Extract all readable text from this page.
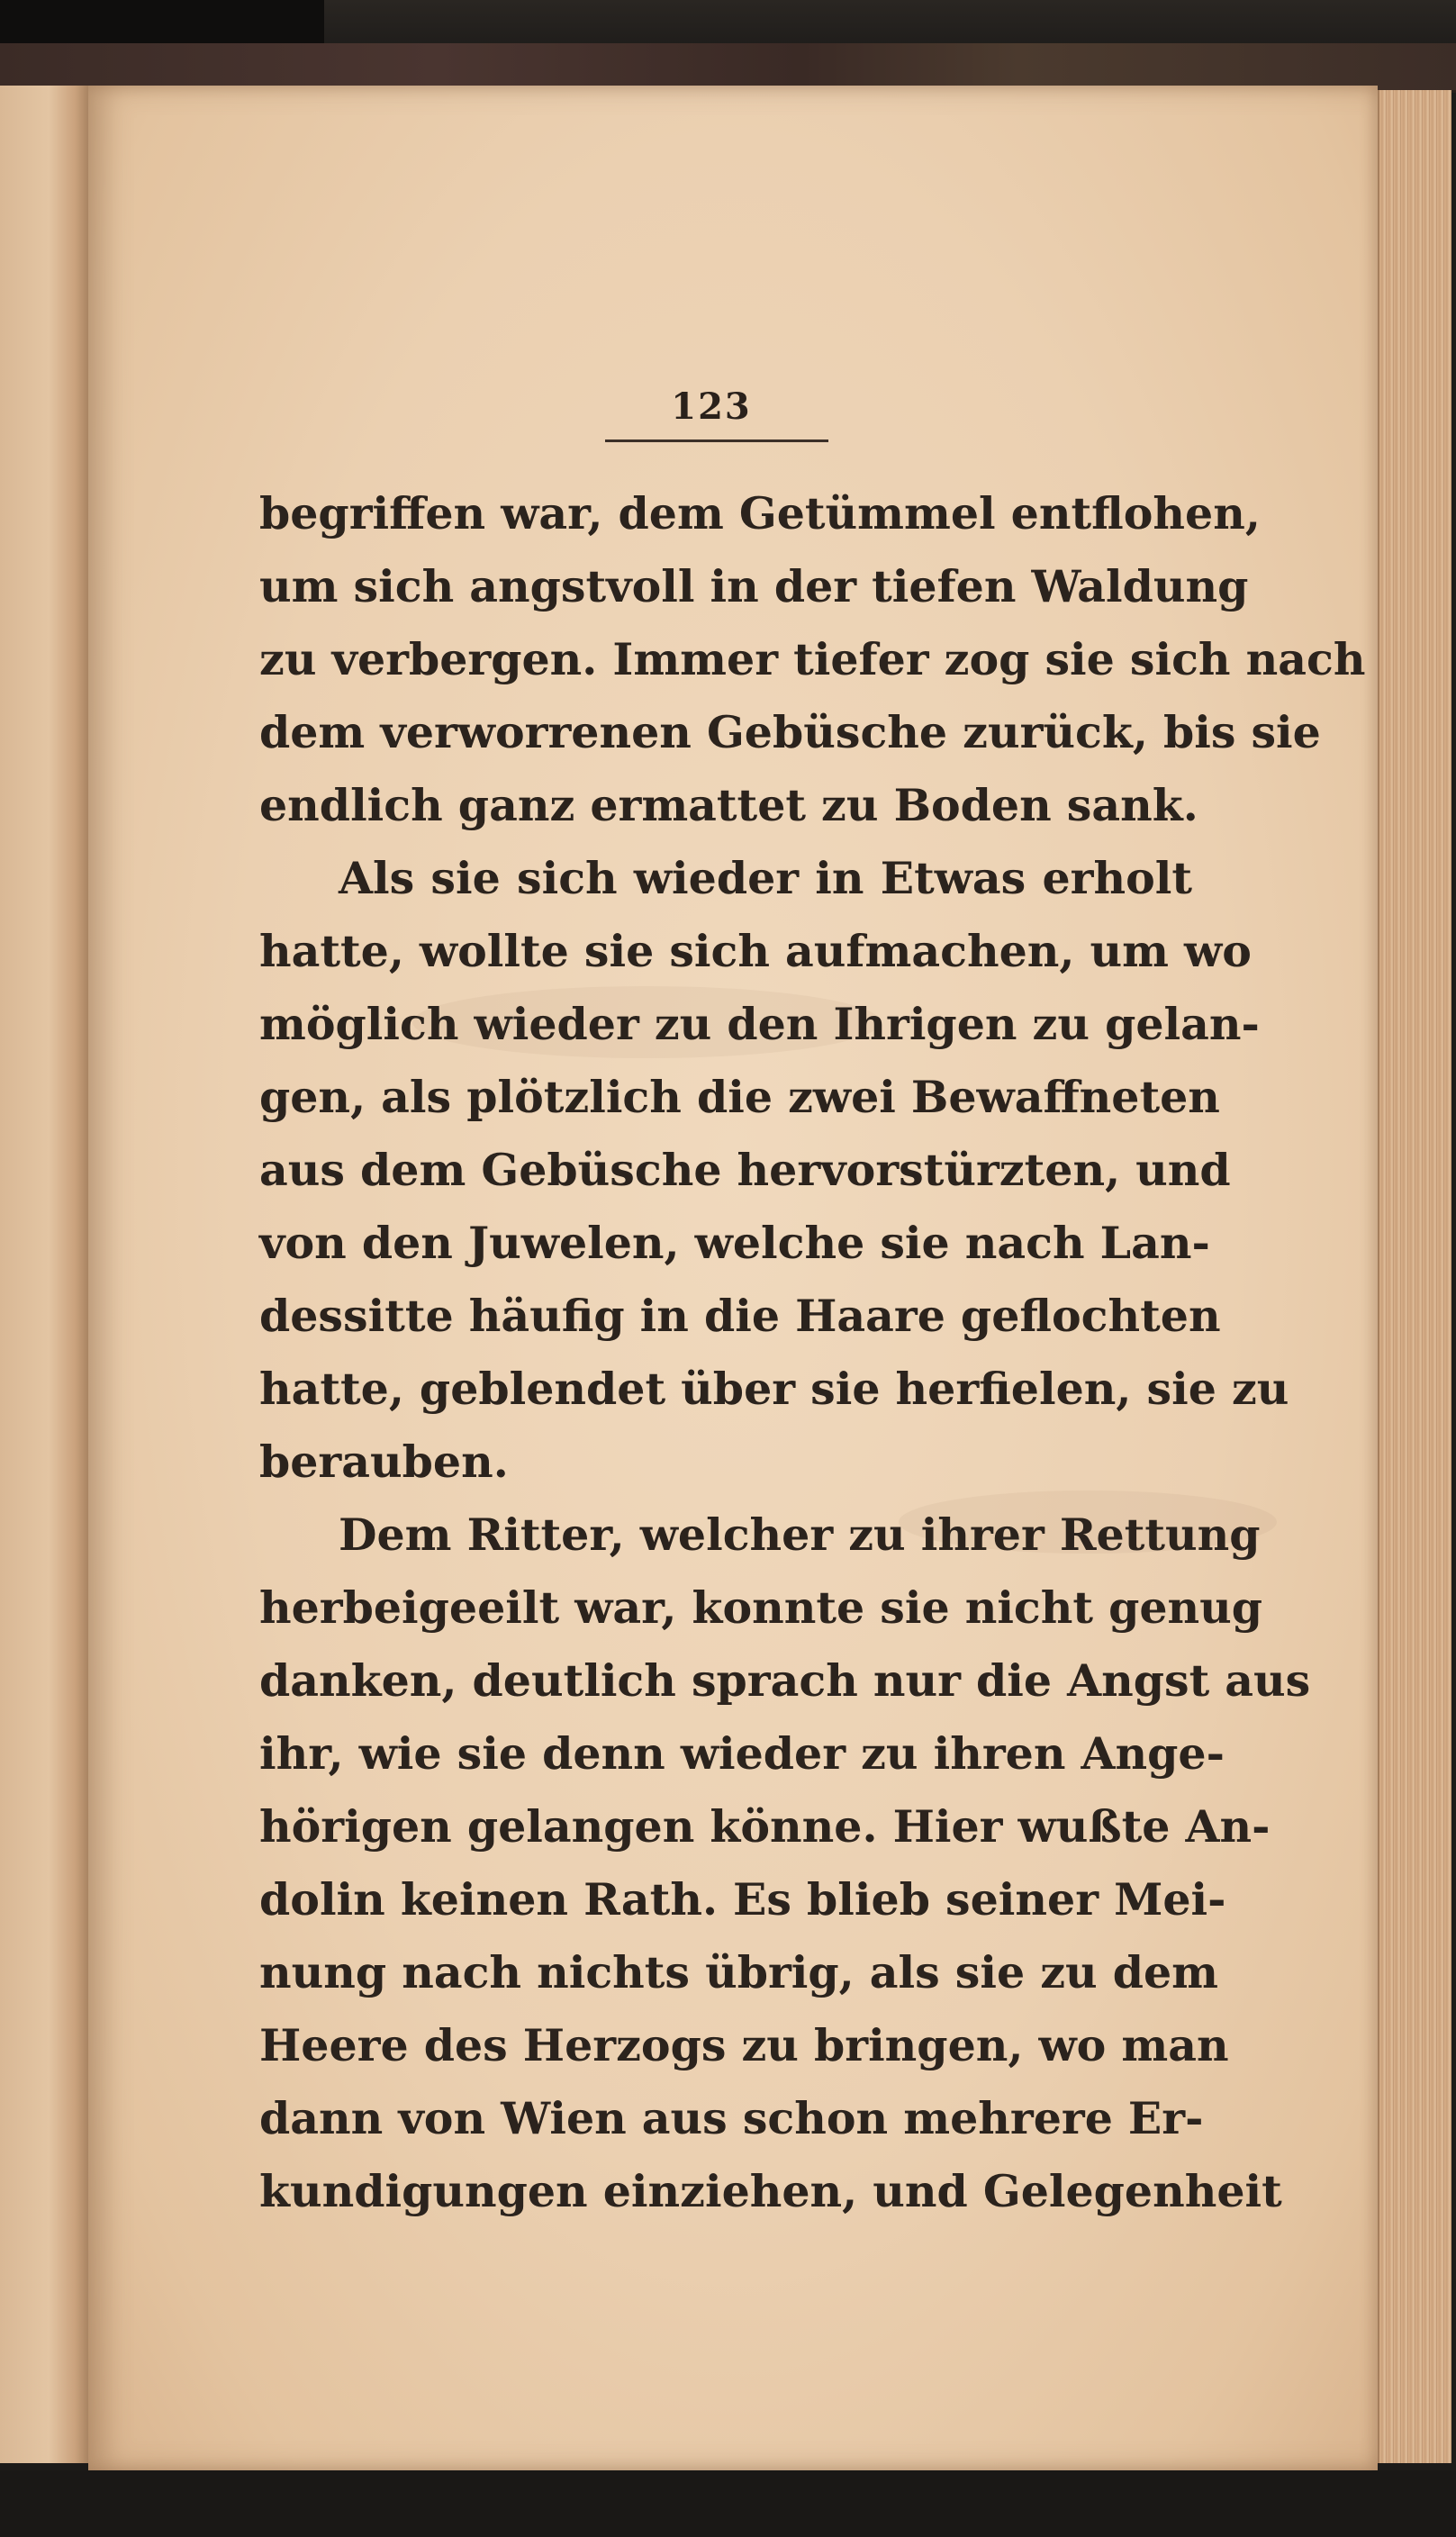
123
begriffen war, dem Getümmel entflohen,
um sich angstvoll in der tiefen Waldung
zu verbergen. Immer tiefer zog sie sich nach
dem verworrenen Gebüsche zurück, bis sie
endlich ganz ermattet zu Boden sank.
Als sie sich wieder in Etwas erholt
hatte, wollte sie sich aufmachen, um wo
möglich wieder zu den Ihrigen zu gelan-
gen, als plötzlich die zwei Bewaffneten
aus dem Gebüsche hervorstürzten, und
von den Juwelen, welche sie nach Lan-
dessitte häufig in die Haare geflochten
hatte, geblendet über sie herfielen, sie zu
berauben.
Dem Ritter, welcher zu ihrer Rettung
herbeigeeilt war, konnte sie nicht genug
danken, deutlich sprach nur die Angst aus
ihr, wie sie denn wieder zu ihren Ange-
hörigen gelangen könne. Hier wußte An-
dolin keinen Rath. Es blieb seiner Mei-
nung nach nichts übrig, als sie zu dem
Heere des Herzogs zu bringen, wo man
dann von Wien aus schon mehrere Er-
kundigungen einziehen, und Gelegenheit
